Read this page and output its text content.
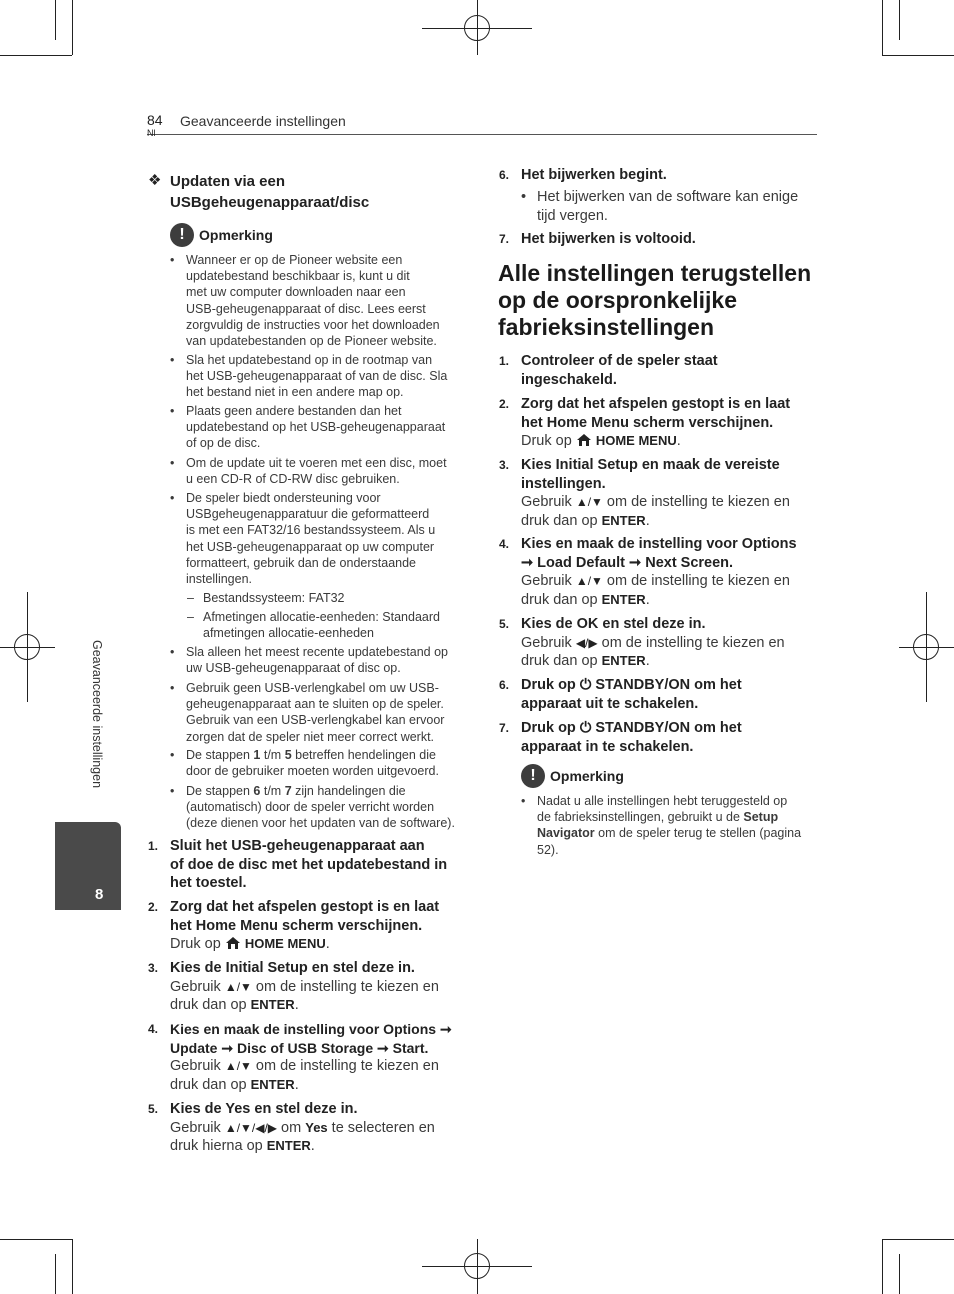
84
Nl
Geavanceerde instellingen
Geavanceerde instellingen
8
❖ Updaten via een
USBgeheugenapparaat/disc
!	Opmerking
• Wanneer er op de Pioneer website een
updatebestand beschikbaar is, kunt u dit
met uw computer downloaden naar een
USB-geheugenapparaat of disc. Lees eerst
zorgvuldig de instructies voor het downloaden
van updatebestanden op de Pioneer website.
• Sla het updatebestand op in de rootmap van
het USB-geheugenapparaat of van de disc. Sla
het bestand niet in een andere map op.
• Plaats geen andere bestanden dan het
updatebestand op het USB-geheugenapparaat
of op de disc.
• Om de update uit te voeren met een disc, moet
u een CD-R of CD-RW disc gebruiken.
• De speler biedt ondersteuning voor
USBgeheugenapparatuur die geformatteerd
is met een FAT32/16 bestandssysteem. Als u
het USB-geheugenapparaat op uw computer
formatteert, gebruik dan de onderstaande
instellingen.
– Bestandssysteem: FAT32
– Afmetingen allocatie-eenheden: Standaard
afmetingen allocatie-eenheden
• Sla alleen het meest recente updatebestand op
uw USB-geheugenapparaat of disc op.
• Gebruik geen USB-verlengkabel om uw USB-
geheugenapparaat aan te sluiten op de speler.
Gebruik van een USB-verlengkabel kan ervoor
zorgen dat de speler niet meer correct werkt.
• De stappen 1 t/m 5 betreffen hendelingen die
door de gebruiker moeten worden uitgevoerd.
• De stappen 6 t/m 7 zijn handelingen die
(automatisch) door de speler verricht worden
(deze dienen voor het updaten van de software).
1. Sluit het USB-geheugenapparaat aan
of doe de disc met het updatebestand in
het toestel.
2. Zorg dat het afspelen gestopt is en laat
het Home Menu scherm verschijnen.
Druk op  HOME MENU.
3. Kies de Initial Setup en stel deze in.
Gebruik ▲/▼ om de instelling te kiezen en
druk dan op ENTER.
4. Kies en maak de instelling voor Options ➞
Update ➞ Disc of USB Storage ➞ Start.
Gebruik ▲/▼ om de instelling te kiezen en
druk dan op ENTER.
5. Kies de Yes en stel deze in.
Gebruik ▲/▼/◀/▶ om Yes te selecteren en
druk hierna op ENTER.
6. Het bijwerken begint.
• Het bijwerken van de software kan enige
tijd vergen.
7. Het bijwerken is voltooid.
Alle instellingen terugstellen
op de oorspronkelijke
fabrieksinstellingen
1. Controleer of de speler staat
ingeschakeld.
2. Zorg dat het afspelen gestopt is en laat
het Home Menu scherm verschijnen.
Druk op  HOME MENU.
3. Kies Initial Setup en maak de vereiste
instellingen.
Gebruik ▲/▼ om de instelling te kiezen en
druk dan op ENTER.
4. Kies en maak de instelling voor Options
➞ Load Default ➞ Next Screen.
Gebruik ▲/▼ om de instelling te kiezen en
druk dan op ENTER.
5. Kies de OK en stel deze in.
Gebruik ◀/▶ om de instelling te kiezen en
druk dan op ENTER.
6. Druk op ⏻ STANDBY/ON om het
apparaat uit te schakelen.
7. Druk op ⏻ STANDBY/ON om het
apparaat in te schakelen.
!	Opmerking
• Nadat u alle instellingen hebt teruggesteld op
de fabrieksinstellingen, gebruikt u de Setup
Navigator om de speler terug te stellen (pagina
52).
